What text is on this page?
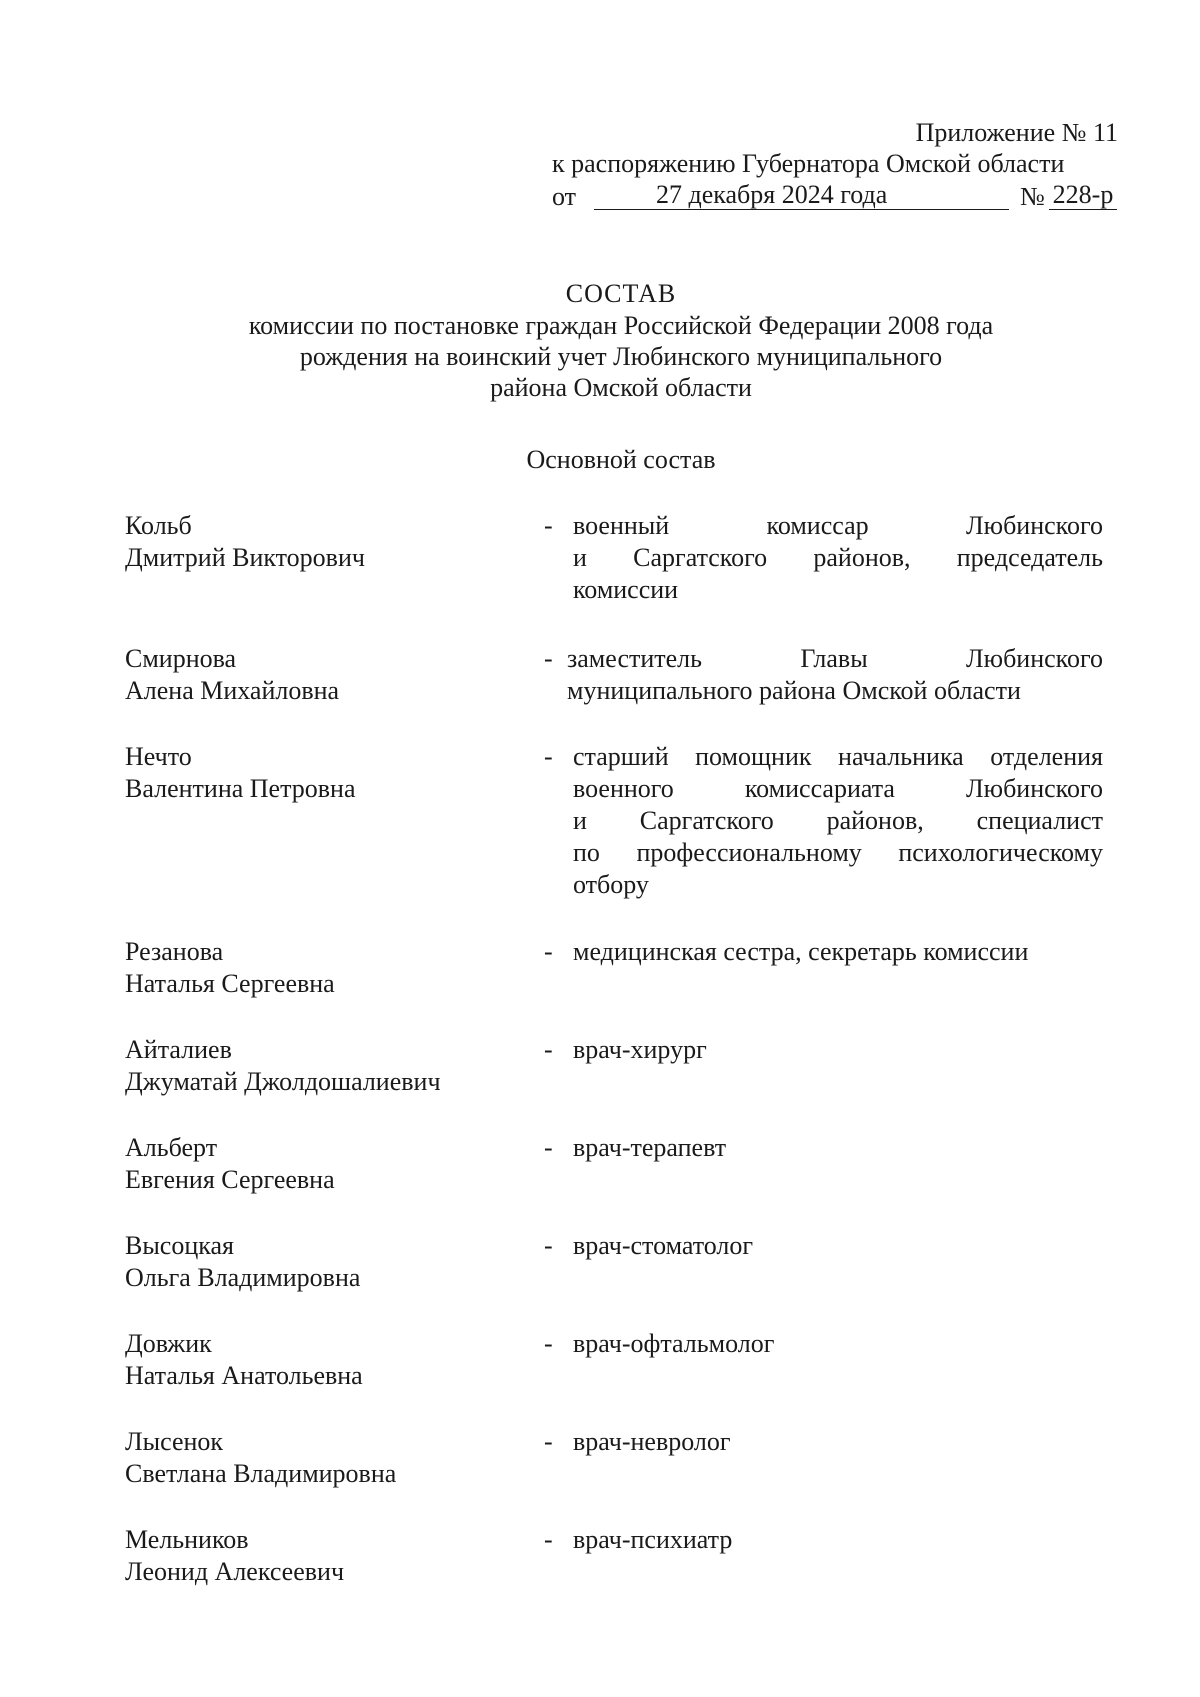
Приложение № 11
к распоряжению Губернатора Омской области
от	27 декабря 2024 года	№ 228-р
СОСТАВ
комиссии по постановке граждан Российской Федерации 2008 года
рождения на воинский учет Любинского муниципального
района Омской области
Основной состав
Кольб
Дмитрий Викторович
- военный комиссар Любинского
и Саргатского районов, председатель
комиссии
Смирнова
Алена Михайловна
- заместитель Главы Любинского
муниципального района Омской области
Нечто
Валентина Петровна
- старший помощник начальника отделения
военного комиссариата Любинского
и Саргатского районов, специалист
по профессиональному психологическому
отбору
Резанова
Наталья Сергеевна
- медицинская сестра, секретарь комиссии
Айталиев
Джуматай Джолдошалиевич
- врач-хирург
Альберт
Евгения Сергеевна
- врач-терапевт
Высоцкая
Ольга Владимировна
- врач-стоматолог
Довжик
Наталья Анатольевна
- врач-офтальмолог
Лысенок
Светлана Владимировна
- врач-невролог
Мельников
Леонид Алексеевич
- врач-психиатр
